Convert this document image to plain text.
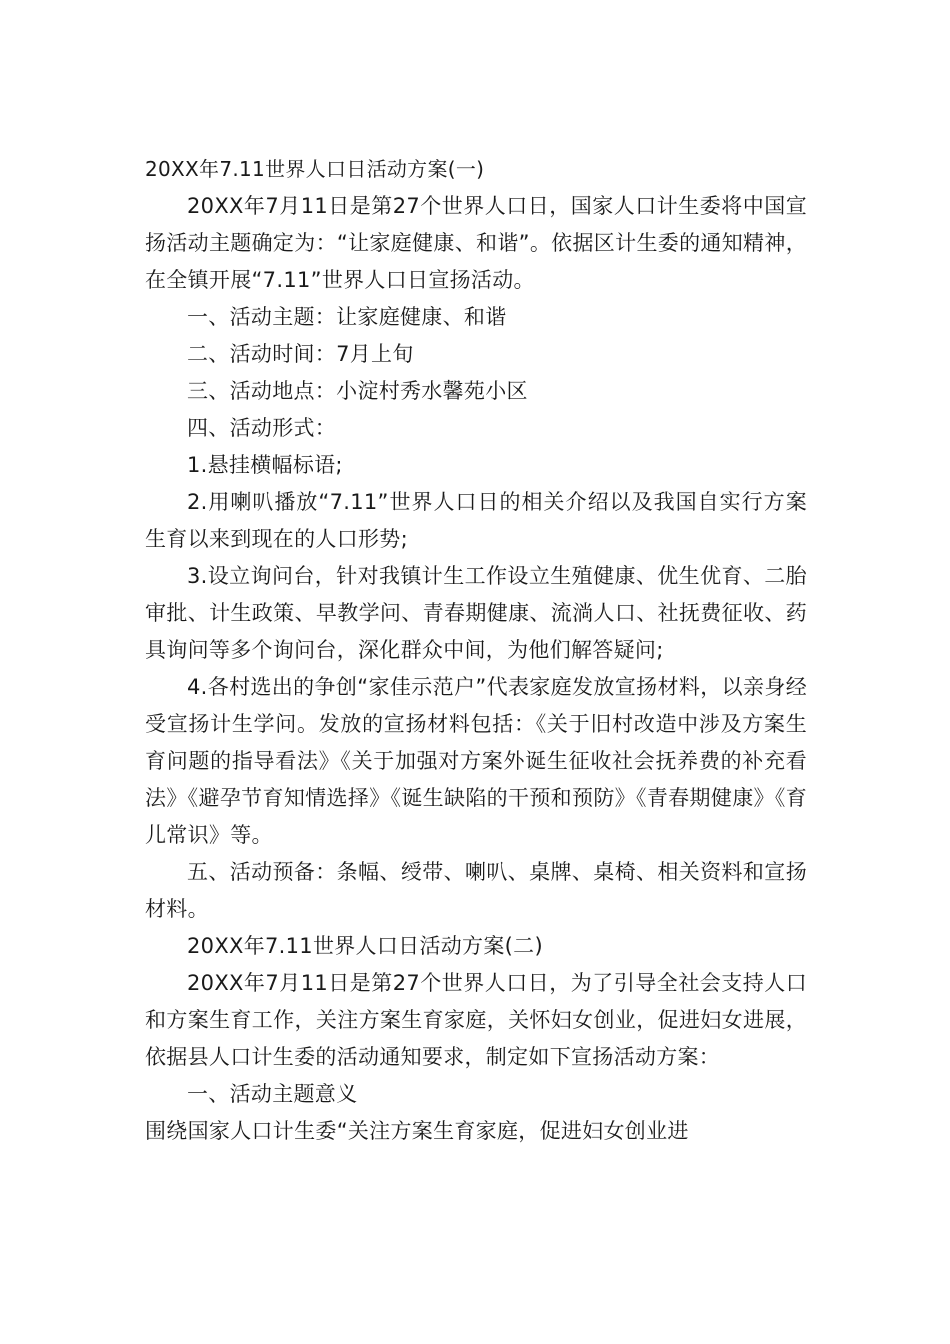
20XX年7.11世界人口日活动方案(一)

20XX年7月11日是第27个世界人口日，国家人口计生委将中国宣扬活动主题确定为：“让家庭健康、和谐”。依据区计生委的通知精神，在全镇开展“7.11”世界人口日宣扬活动。

一、活动主题：让家庭健康、和谐

二、活动时间：7月上旬

三、活动地点：小淀村秀水馨苑小区

四、活动形式：

1.悬挂横幅标语;

2.用喇叭播放“7.11”世界人口日的相关介绍以及我国自实行方案生育以来到现在的人口形势;

3.设立询问台，针对我镇计生工作设立生殖健康、优生优育、二胎审批、计生政策、早教学问、青春期健康、流淌人口、社抚费征收、药具询问等多个询问台，深化群众中间，为他们解答疑问;

4.各村选出的争创“家佳示范户”代表家庭发放宣扬材料，以亲身经受宣扬计生学问。发放的宣扬材料包括：《关于旧村改造中涉及方案生育问题的指导看法》《关于加强对方案外诞生征收社会抚养费的补充看法》《避孕节育知情选择》《诞生缺陷的干预和预防》《青春期健康》《育儿常识》等。

五、活动预备：条幅、绶带、喇叭、桌牌、桌椅、相关资料和宣扬材料。

20XX年7.11世界人口日活动方案(二)

20XX年7月11日是第27个世界人口日，为了引导全社会支持人口和方案生育工作，关注方案生育家庭，关怀妇女创业，促进妇女进展，依据县人口计生委的活动通知要求，制定如下宣扬活动方案：

一、活动主题意义

围绕国家人口计生委“关注方案生育家庭，促进妇女创业进
